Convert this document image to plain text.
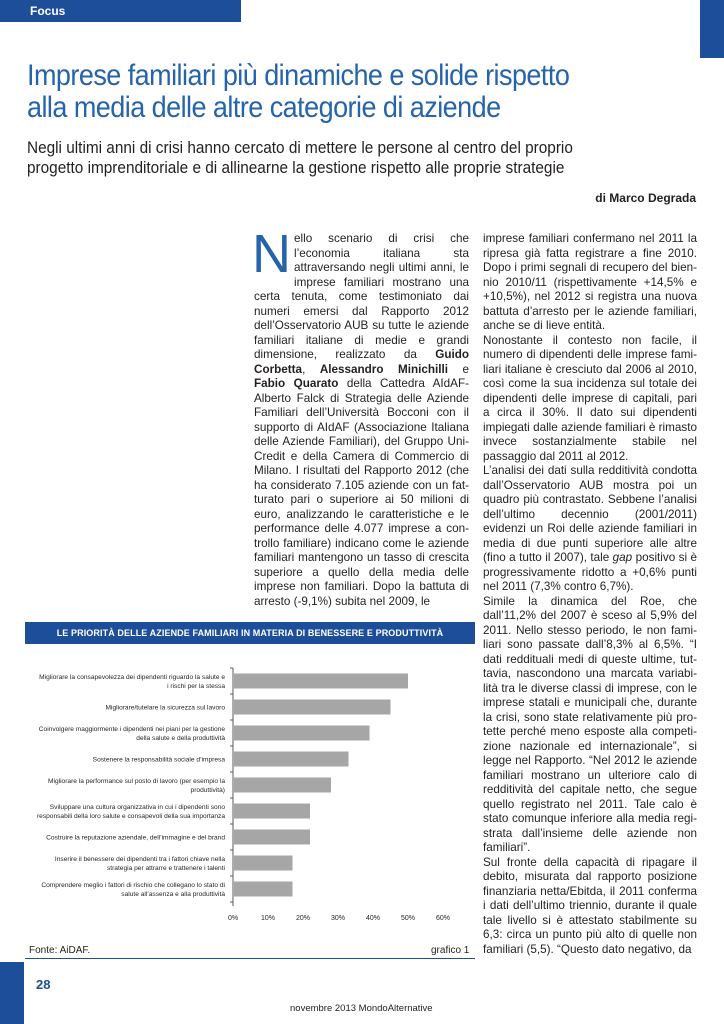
Focus
Imprese familiari più dinamiche e solide rispetto
alla media delle altre categorie di aziende
Negli ultimi anni di crisi hanno cercato di mettere le persone al centro del proprio
progetto imprenditoriale e di allinearne la gestione rispetto alle proprie strategie
di Marco Degrada

Nello scenario di crisi che l’economia italiana sta attraversando negli ultimi anni, le imprese familiari mostrano una certa tenuta, come testimoniato dai numeri emersi dal Rapporto 2012 dell’Osservatorio AUB su tutte le aziende familiari italiane di medie e grandi dimensione, realizzato da Guido Corbetta, Alessandro Minichilli e Fabio Quarato della Cattedra AIdAF-Alberto Falck di Strategia delle Aziende Familiari dell’Università Bocconi con il supporto di AIdAF (Associazione Italiana delle Aziende Familiari), del Gruppo UniCredit e della Camera di Commercio di Milano. I risultati del Rapporto 2012 (che ha considerato 7.105 aziende con un fatturato pari o superiore ai 50 milioni di euro, analizzando le caratteristiche e le performance delle 4.077 imprese a controllo familiare) indicano come le aziende familiari mantengono un tasso di crescita superiore a quello della media delle imprese non familiari. Dopo la battuta di arresto (-9,1%) subita nel 2009, le

imprese familiari confermano nel 2011 la ripresa già fatta registrare a fine 2010. Dopo i primi segnali di recupero del biennio 2010/11 (rispettivamente +14,5% e +10,5%), nel 2012 si registra una nuova battuta d’arresto per le aziende familiari, anche se di lieve entità.

Nonostante il contesto non facile, il numero di dipendenti delle imprese familiari italiane è cresciuto dal 2006 al 2010, così come la sua incidenza sul totale dei dipendenti delle imprese di capitali, pari a circa il 30%. Il dato sui dipendenti impiegati dalle aziende familiari è rimasto invece sostanzialmente stabile nel passaggio dal 2011 al 2012.

L’analisi dei dati sulla redditività condotta dall’Osservatorio AUB mostra poi un quadro più contrastato. Sebbene l’analisi dell’ultimo decennio (2001/2011) evidenzi un Roi delle aziende familiari in media di due punti superiore alle altre (fino a tutto il 2007), tale gap positivo si è progressivamente ridotto a +0,6% punti nel 2011 (7,3% contro 6,7%).

Simile la dinamica del Roe, che dall’11,2% del 2007 è sceso al 5,9% del 2011. Nello stesso periodo, le non familiari sono passate dall’8,3% al 6,5%. “I dati reddituali medi di queste ultime, tuttavia, nascondono una marcata variabilità tra le diverse classi di imprese, con le imprese statali e municipali che, durante la crisi, sono state relativamente più protette perché meno esposte alla competizione nazionale ed internazionale”, si legge nel Rapporto. “Nel 2012 le aziende familiari mostrano un ulteriore calo di redditività del capitale netto, che segue quello registrato nel 2011. Tale calo è stato comunque inferiore alla media registrata dall’insieme delle aziende non familiari”.

Sul fronte della capacità di ripagare il debito, misurata dal rapporto posizione finanziaria netta/Ebitda, il 2011 conferma i dati dell’ultimo triennio, durante il quale tale livello si è attestato stabilmente su 6,3: circa un punto più alto di quelle non familiari (5,5). “Questo dato negativo, da

LE PRIORITÀ DELLE AZIENDE FAMILIARI IN MATERIA DI BENESSERE E PRODUTTIVITÀ
Migliorare la consapevolezza dei dipendenti riguardo la salute e i rischi per la stessa
Migliorare/tutelare la sicurezza sul lavoro
Coinvolgere maggiormente i dipendenti nei piani per la gestione della salute e della produttività
Sostenere la responsabilità sociale d’impresa
Migliorare la performance sul posto di lavoro (per esempio la produttività)
Sviluppare una cultura organizzativa in cui i dipendenti sono responsabili della loro salute e consapevoli della sua importanza
Costruire la reputazione aziendale, dell’immagine e del brand
Inserire il benessere dei dipendenti tra i fattori chiave nella strategia per attrarre e trattenere i talenti
Comprendere meglio i fattori di rischio che collegano lo stato di salute all’assenza e alla produttività
0%	10%	20%	30%	40%	50%	60%
Fonte: AiDAF.	grafico 1
28
novembre 2013 MondoAlternative
